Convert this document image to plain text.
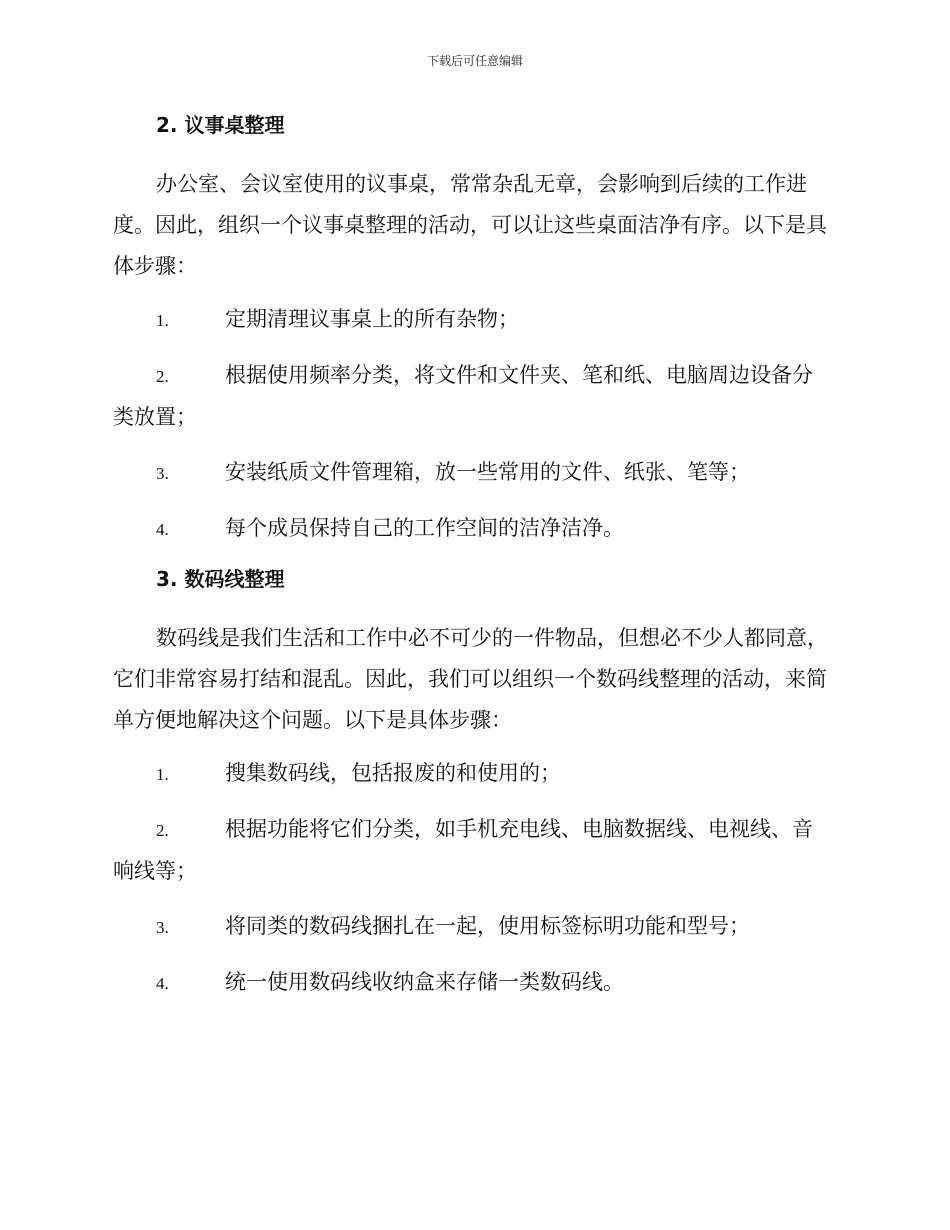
下载后可任意编辑
2. 议事桌整理
办公室、会议室使用的议事桌，常常杂乱无章，会影响到后续的工作进度。因此，组织一个议事桌整理的活动，可以让这些桌面洁净有序。以下是具体步骤：
1.	定期清理议事桌上的所有杂物；
2.	根据使用频率分类，将文件和文件夹、笔和纸、电脑周边设备分类放置；
3.	安装纸质文件管理箱，放一些常用的文件、纸张、笔等；
4.	每个成员保持自己的工作空间的洁净洁净。
3. 数码线整理
数码线是我们生活和工作中必不可少的一件物品，但想必不少人都同意，它们非常容易打结和混乱。因此，我们可以组织一个数码线整理的活动，来简单方便地解决这个问题。以下是具体步骤：
1.	搜集数码线，包括报废的和使用的；
2.	根据功能将它们分类，如手机充电线、电脑数据线、电视线、音响线等；
3.	将同类的数码线捆扎在一起，使用标签标明功能和型号；
4.	统一使用数码线收纳盒来存储一类数码线。
